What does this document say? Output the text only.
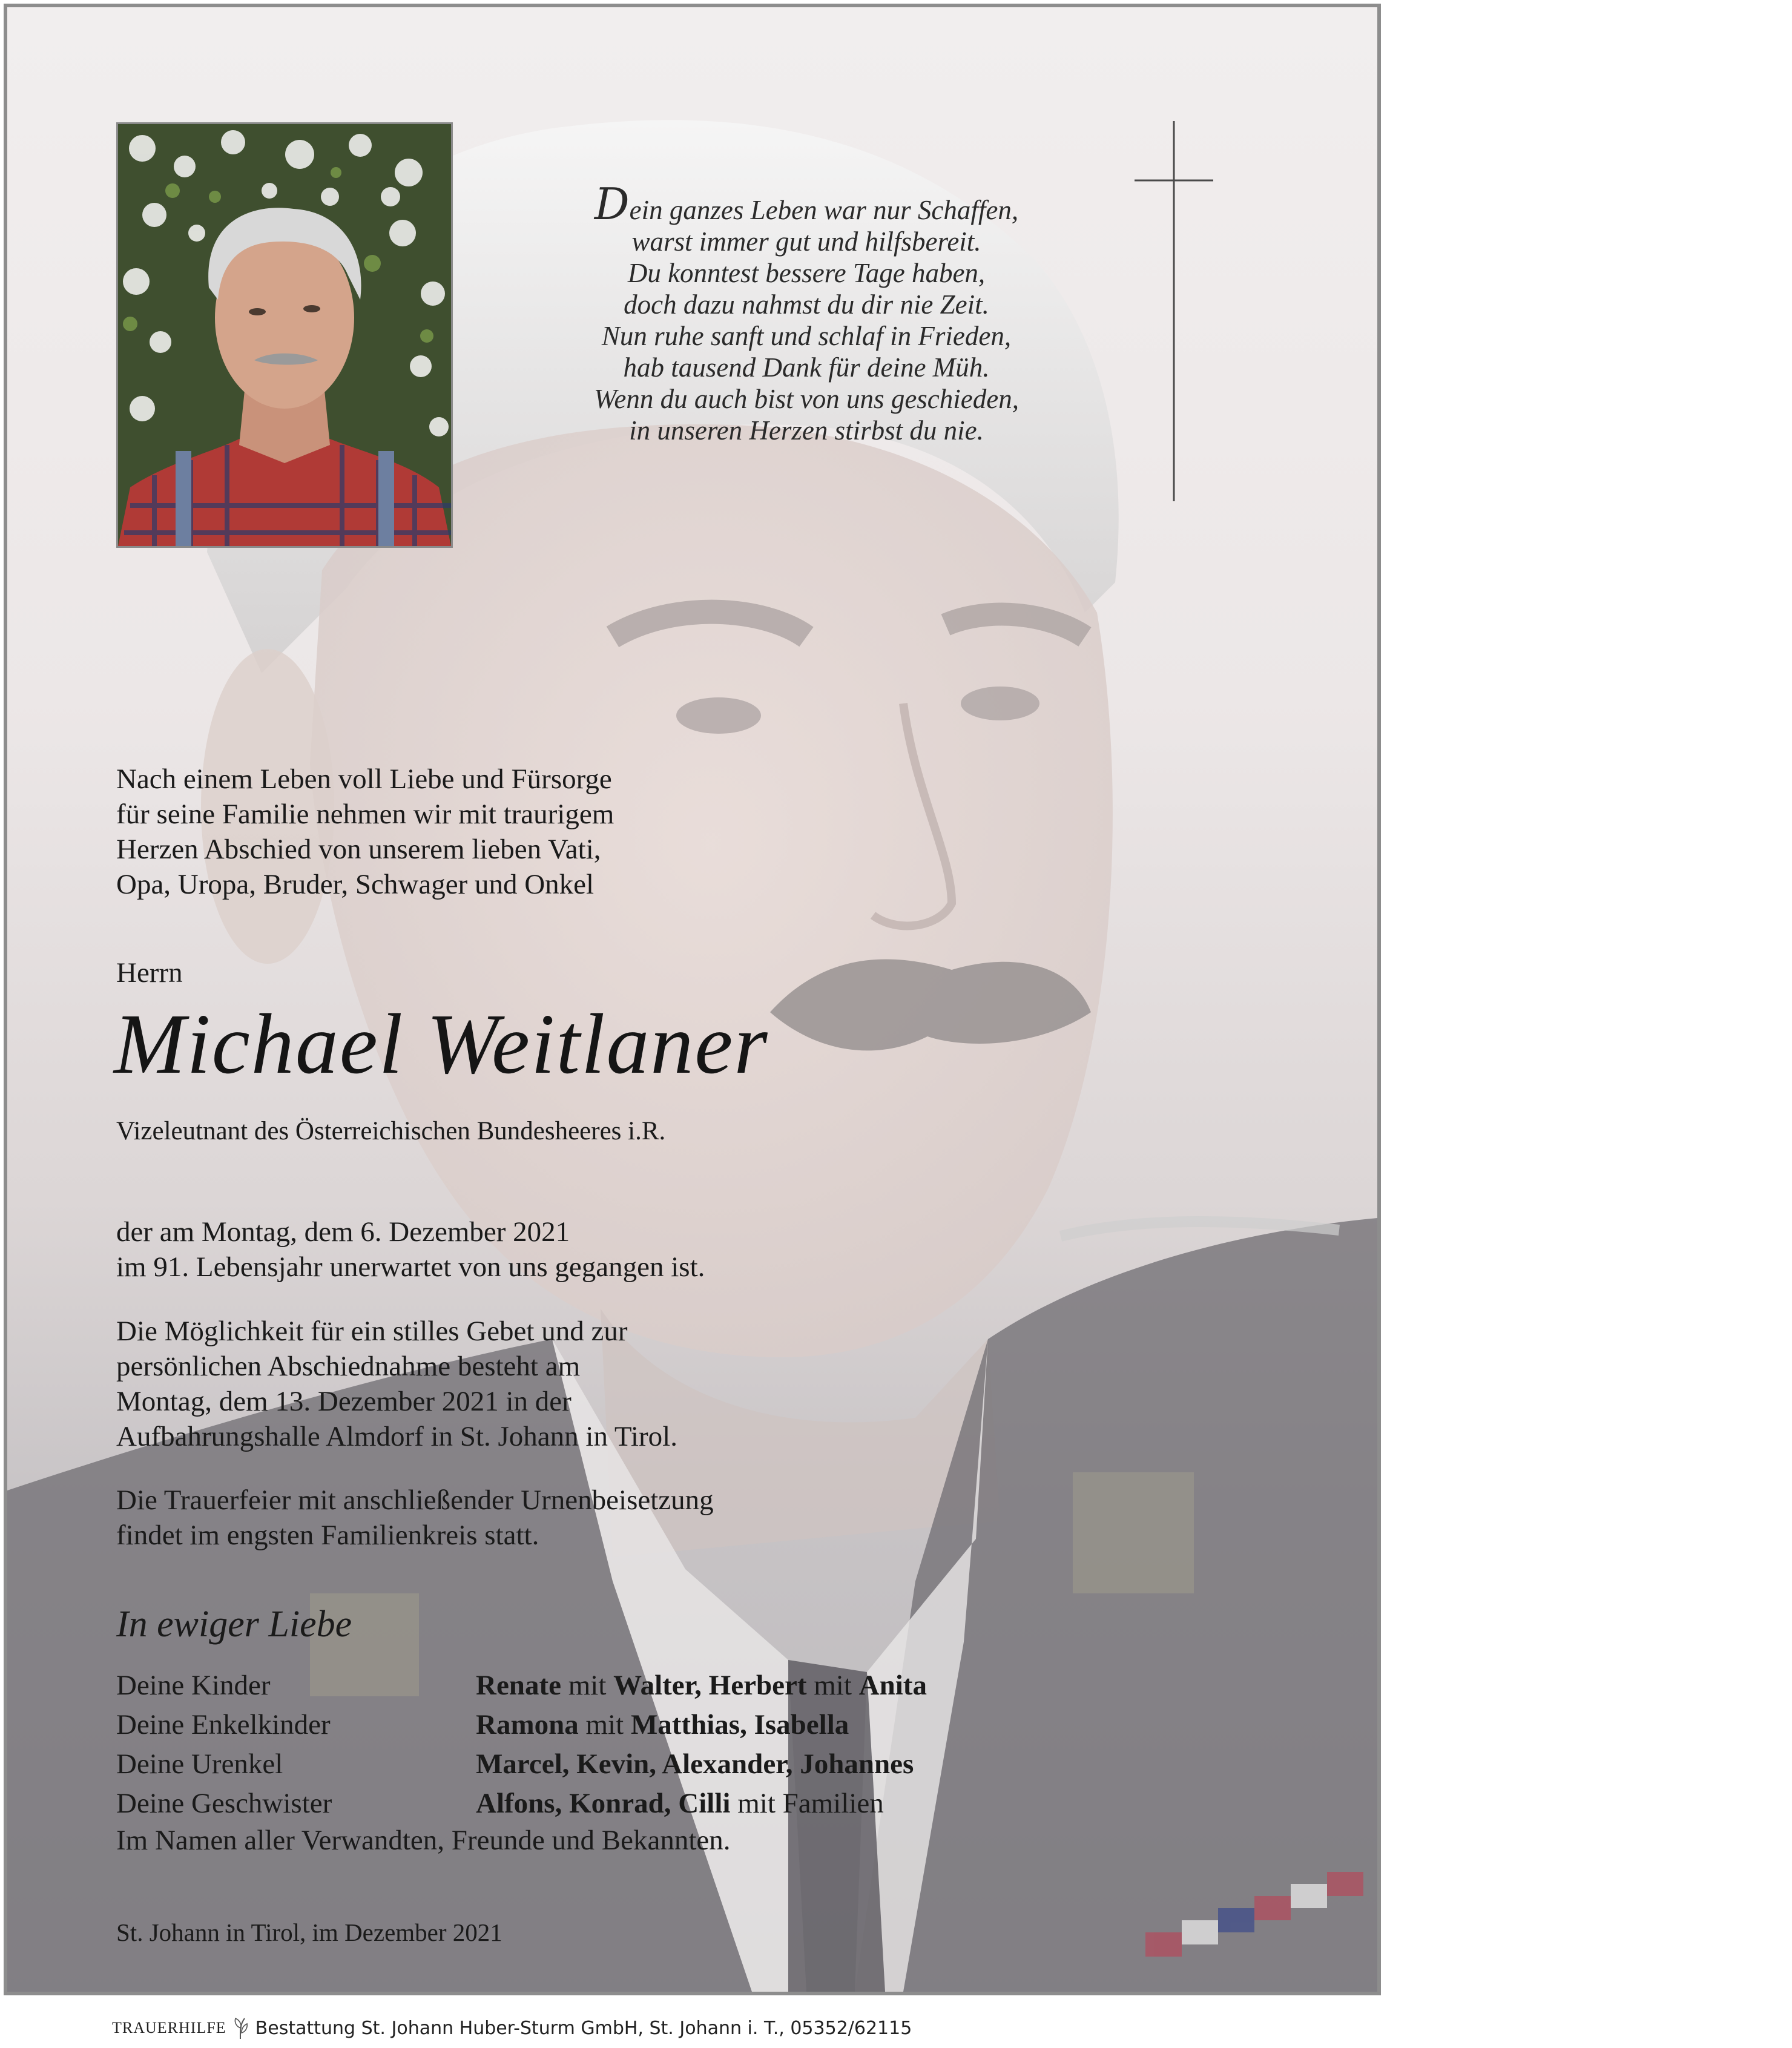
Dein ganzes Leben war nur Schaffen,
warst immer gut und hilfsbereit.
Du konntest bessere Tage haben,
doch dazu nahmst du dir nie Zeit.
Nun ruhe sanft und schlaf in Frieden,
hab tausend Dank für deine Müh.
Wenn du auch bist von uns geschieden,
in unseren Herzen stirbst du nie.
Nach einem Leben voll Liebe und Fürsorge
für seine Familie nehmen wir mit traurigem
Herzen Abschied von unserem lieben Vati,
Opa, Uropa, Bruder, Schwager und Onkel
Herrn
Michael Weitlaner
Vizeleutnant des Österreichischen Bundesheeres i.R.
der am Montag, dem 6. Dezember 2021
im 91. Lebensjahr unerwartet von uns gegangen ist.
Die Möglichkeit für ein stilles Gebet und zur
persönlichen Abschiednahme besteht am
Montag, dem 13. Dezember 2021 in der
Aufbahrungshalle Almdorf in St. Johann in Tirol.
Die Trauerfeier mit anschließender Urnenbeisetzung
findet im engsten Familienkreis statt.
In ewiger Liebe
Deine Kinder	Renate mit Walter, Herbert mit Anita
Deine Enkelkinder	Ramona mit Matthias, Isabella
Deine Urenkel	Marcel, Kevin, Alexander, Johannes
Deine Geschwister	Alfons, Konrad, Cilli mit Familien
Im Namen aller Verwandten, Freunde und Bekannten.
St. Johann in Tirol, im Dezember 2021
TRAUERHILFE Bestattung St. Johann Huber-Sturm GmbH, St. Johann i. T., 05352/62115
